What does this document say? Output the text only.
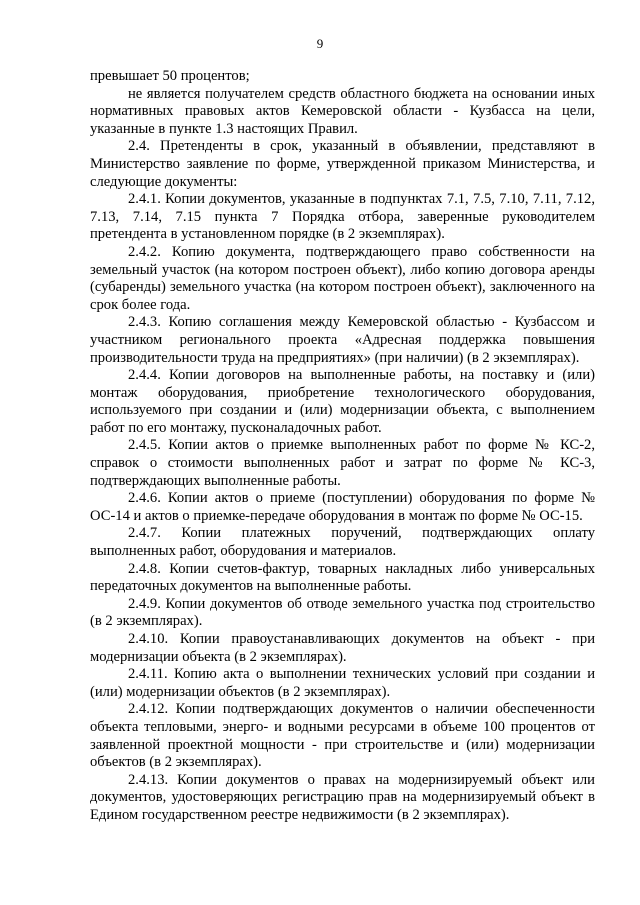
9

превышает 50 процентов;

не является получателем средств областного бюджета на основании иных нормативных правовых актов Кемеровской области - Кузбасса на цели, указанные в пункте 1.3 настоящих Правил.

2.4. Претенденты в срок, указанный в объявлении, представляют в Министерство заявление по форме, утвержденной приказом Министерства, и следующие документы:

2.4.1. Копии документов, указанные в подпунктах 7.1, 7.5, 7.10, 7.11, 7.12, 7.13, 7.14, 7.15 пункта 7 Порядка отбора, заверенные руководителем претендента в установленном порядке (в 2 экземплярах).

2.4.2. Копию документа, подтверждающего право собственности на земельный участок (на котором построен объект), либо копию договора аренды (субаренды) земельного участка (на котором построен объект), заключенного на срок более года.

2.4.3. Копию соглашения между Кемеровской областью - Кузбассом и участником регионального проекта «Адресная поддержка повышения производительности труда на предприятиях» (при наличии) (в 2 экземплярах).

2.4.4. Копии договоров на выполненные работы, на поставку и (или) монтаж оборудования, приобретение технологического оборудования, используемого при создании и (или) модернизации объекта, с выполнением работ по его монтажу, пусконаладочных работ.

2.4.5. Копии актов о приемке выполненных работ по форме № КС-2, справок о стоимости выполненных работ и затрат по форме № КС-3, подтверждающих выполненные работы.

2.4.6. Копии актов о приеме (поступлении) оборудования по форме № ОС-14 и актов о приемке-передаче оборудования в монтаж по форме № ОС-15.

2.4.7. Копии платежных поручений, подтверждающих оплату выполненных работ, оборудования и материалов.

2.4.8. Копии счетов-фактур, товарных накладных либо универсальных передаточных документов на выполненные работы.

2.4.9. Копии документов об отводе земельного участка под строительство (в 2 экземплярах).

2.4.10. Копии правоустанавливающих документов на объект - при модернизации объекта (в 2 экземплярах).

2.4.11. Копию акта о выполнении технических условий при создании и (или) модернизации объектов (в 2 экземплярах).

2.4.12. Копии подтверждающих документов о наличии обеспеченности объекта тепловыми, энерго- и водными ресурсами в объеме 100 процентов от заявленной проектной мощности - при строительстве и (или) модернизации объектов (в 2 экземплярах).

2.4.13. Копии документов о правах на модернизируемый объект или документов, удостоверяющих регистрацию прав на модернизируемый объект в Едином государственном реестре недвижимости (в 2 экземплярах).
